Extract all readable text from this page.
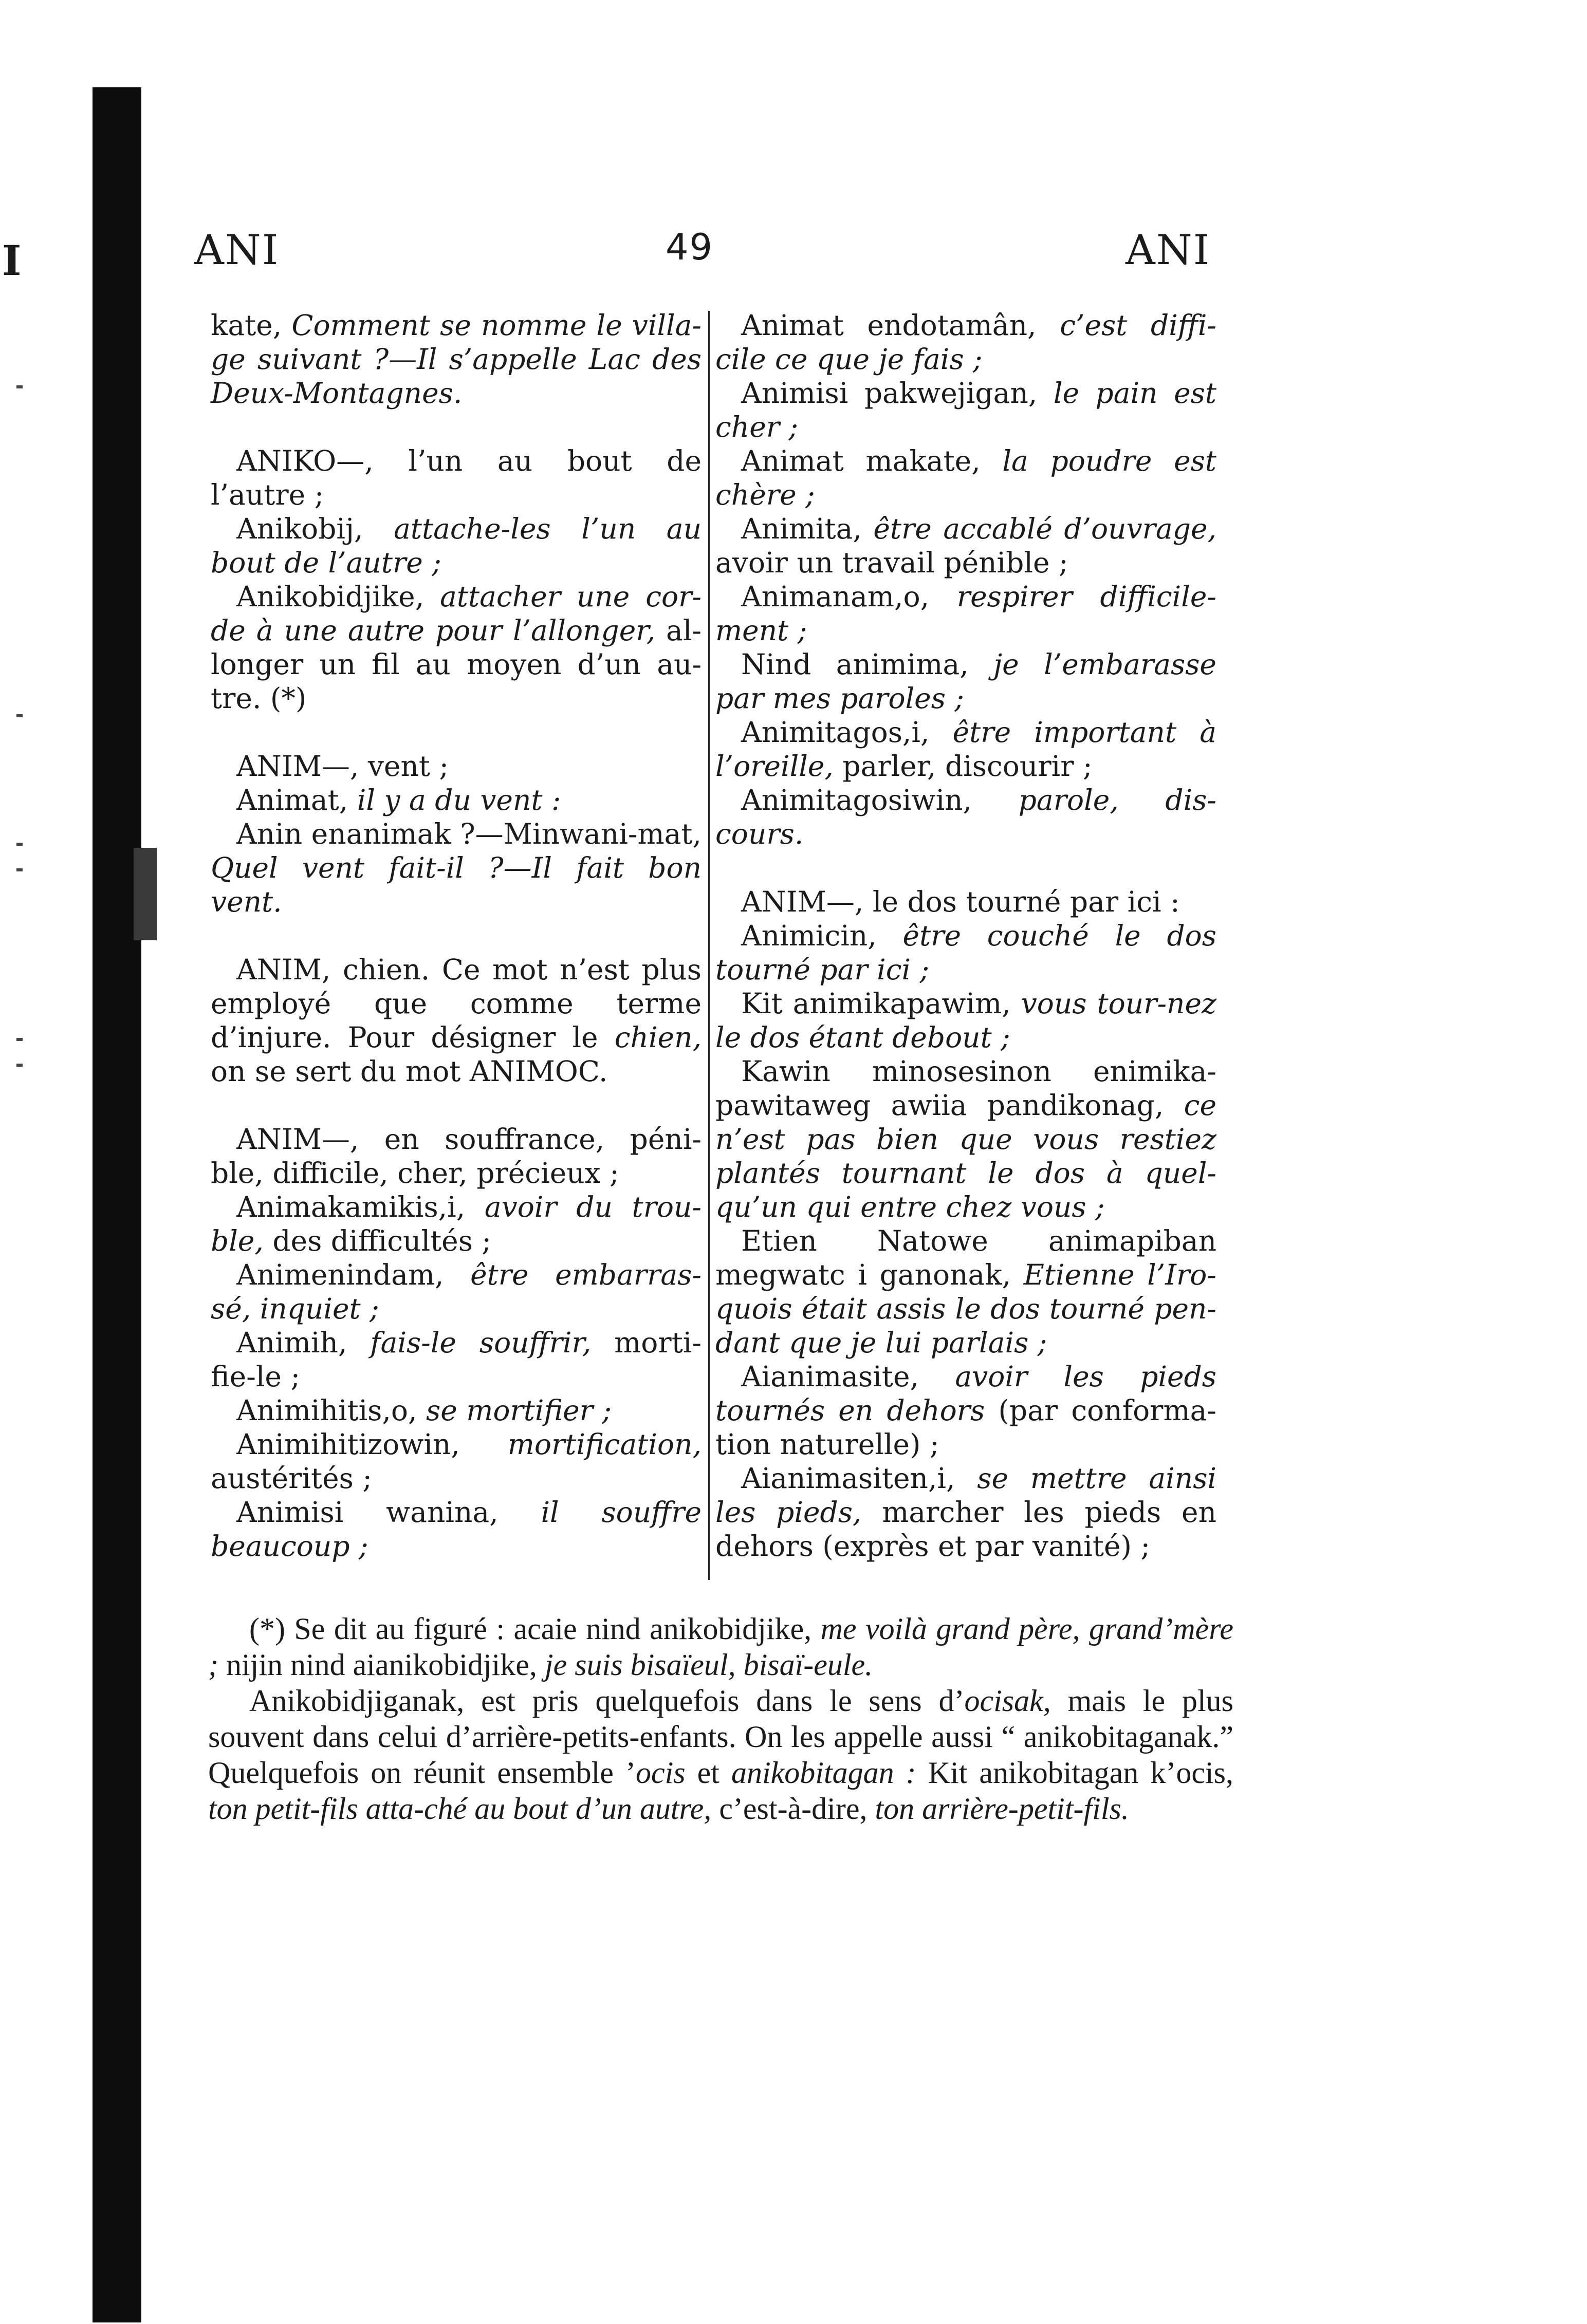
I	ANI	49	ANI

kate, Comment se nomme le villa-ge suivant ?—Il s’appelle Lac des Deux-Montagnes.

ANIKO—, l’un au bout de l’autre ;

Anikobij, attache-les l’un au bout de l’autre ;

Anikobidjike, attacher une cor-de à une autre pour l’allonger, al-longer un fil au moyen d’un au-tre. (*)

ANIM—, vent ;

Animat, il y a du vent :

Anin enanimak ?—Minwani-mat, Quel vent fait-il ?—Il fait bon vent.

ANIM, chien. Ce mot n’est plus employé que comme terme d’injure. Pour désigner le chien, on se sert du mot ANIMOC.

ANIM—, en souffrance, péni-ble, difficile, cher, précieux ;

Animakamikis,i, avoir du trou-ble, des difficultés ;

Animenindam, être embarras-sé, inquiet ;

Animih, fais-le souffrir, morti-fie-le ;

Animihitis,o, se mortifier ;

Animihitizowin, mortification, austérités ;

Animisi wanina, il souffre beaucoup ;

Animat endotamân, c’est diffi-cile ce que je fais ;

Animisi pakwejigan, le pain est cher ;

Animat makate, la poudre est chère ;

Animita, être accablé d’ouvrage, avoir un travail pénible ;

Animanam,o, respirer difficile-ment ;

Nind animima, je l’embarasse par mes paroles ;

Animitagos,i, être important à l’oreille, parler, discourir ;

Animitagosiwin, parole, dis-cours.

ANIM—, le dos tourné par ici :

Animicin, être couché le dos tourné par ici ;

Kit animikapawim, vous tour-nez le dos étant debout ;

Kawin minosesinon enimika-pawitaweg awiia pandikonag, ce n’est pas bien que vous restiez plantés tournant le dos à quel-qu’un qui entre chez vous ;

Etien Natowe animapiban megwatc i ganonak, Etienne l’Iro-quois était assis le dos tourné pen-dant que je lui parlais ;

Aianimasite, avoir les pieds tournés en dehors (par conforma-tion naturelle) ;

Aianimasiten,i, se mettre ainsi les pieds, marcher les pieds en dehors (exprès et par vanité) ;

(*) Se dit au figuré : acaie nind anikobidjike, me voilà grand père, grand’mère ; nijin nind aianikobidjike, je suis bisaïeul, bisaï-eule.

Anikobidjiganak, est pris quelquefois dans le sens d’ocisak, mais le plus souvent dans celui d’arrière-petits-enfants. On les appelle aussi “ anikobitaganak.” Quelquefois on réunit ensemble ’ocis et anikobitagan : Kit anikobitagan k’ocis, ton petit-fils atta-ché au bout d’un autre, c’est-à-dire, ton arrière-petit-fils.
